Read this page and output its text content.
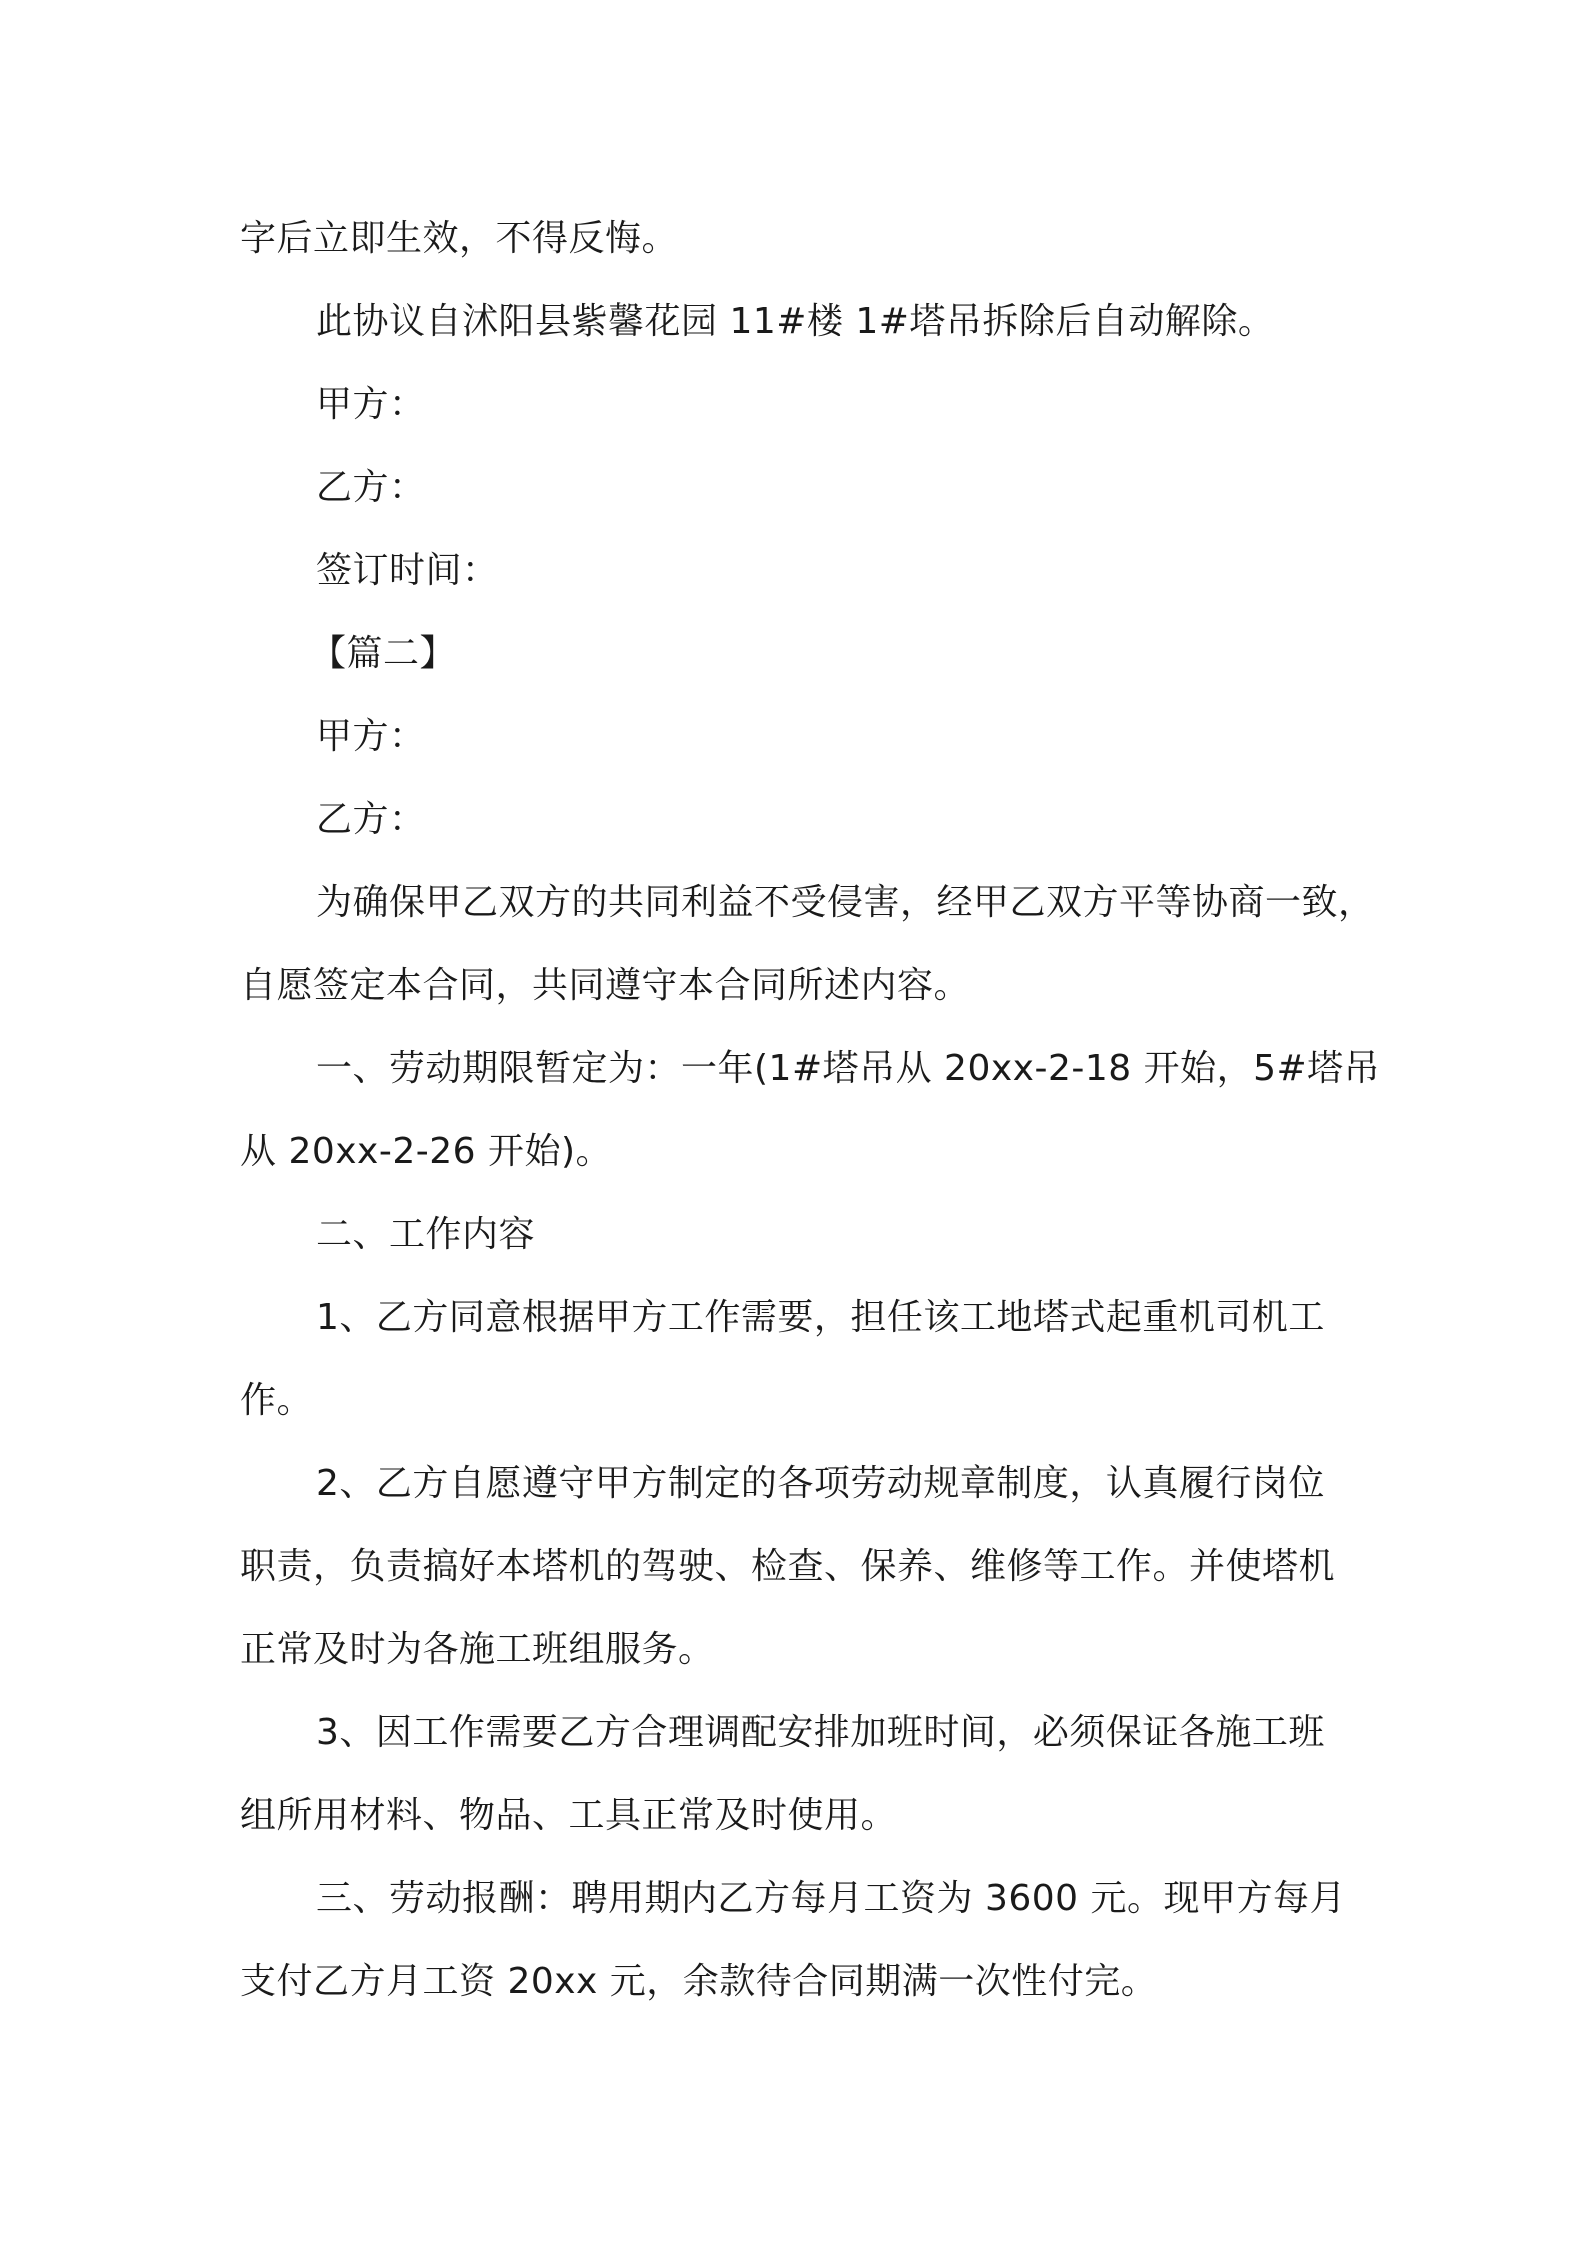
字后立即生效，不得反悔。

此协议自沭阳县紫馨花园 11#楼 1#塔吊拆除后自动解除。

甲方：

乙方：

签订时间：

【篇二】

甲方：

乙方：

为确保甲乙双方的共同利益不受侵害，经甲乙双方平等协商一致，

自愿签定本合同，共同遵守本合同所述内容。

一、劳动期限暂定为：一年(1#塔吊从 20xx-2-18 开始，5#塔吊

从 20xx-2-26 开始)。

二、工作内容

1、乙方同意根据甲方工作需要，担任该工地塔式起重机司机工

作。

2、乙方自愿遵守甲方制定的各项劳动规章制度，认真履行岗位

职责，负责搞好本塔机的驾驶、检查、保养、维修等工作。并使塔机

正常及时为各施工班组服务。

3、因工作需要乙方合理调配安排加班时间，必须保证各施工班

组所用材料、物品、工具正常及时使用。

三、劳动报酬：聘用期内乙方每月工资为 3600 元。现甲方每月

支付乙方月工资 20xx 元，余款待合同期满一次性付完。
